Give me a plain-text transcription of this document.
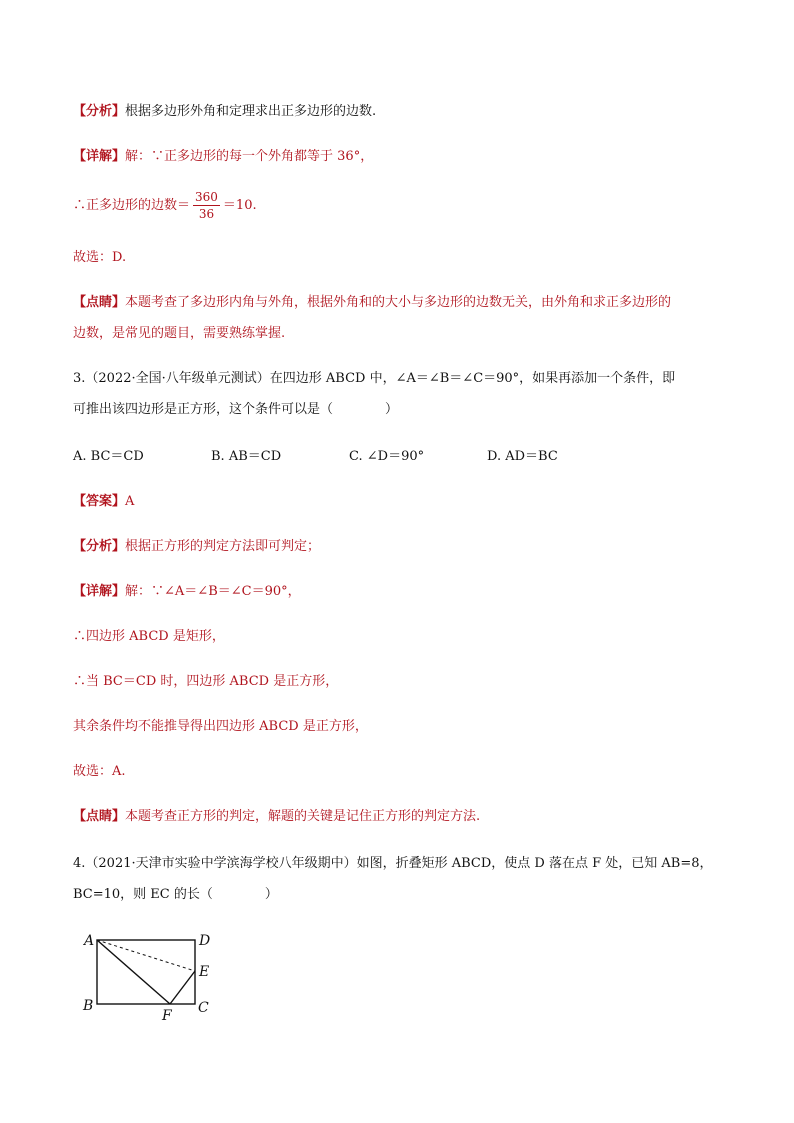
【分析】根据多边形外角和定理求出正多边形的边数.
【详解】解：∵正多边形的每一个外角都等于 36°，
∴正多边形的边数＝ $\frac{360}{36} =10$.
故选：D.
【点睛】本题考查了多边形内角与外角，根据外角和的大小与多边形的边数无关，由外角和求正多边形的
边数，是常见的题目，需要熟练掌握.
3.（2022·全国·八年级单元测试）在四边形 ABCD 中，∠A＝∠B＝∠C＝90°，如果再添加一个条件，即
可推出该四边形是正方形，这个条件可以是（　　　　）
A. BC＝CD	B. AB＝CD	C. ∠D＝90°	D. AD＝BC
【答案】A
【分析】根据正方形的判定方法即可判定；
【详解】解：∵∠A＝∠B＝∠C＝90°，
∴四边形 ABCD 是矩形，
∴当 BC＝CD 时，四边形 ABCD 是正方形，
其余条件均不能推导得出四边形 ABCD 是正方形，
故选：A.
【点睛】本题考查正方形的判定，解题的关键是记住正方形的判定方法.
4.（2021·天津市实验中学滨海学校八年级期中）如图，折叠矩形 ABCD，使点 D 落在点 F 处，已知 AB=8，
BC=10，则 EC 的长（　　　　）
A	D
E
B	C
F
